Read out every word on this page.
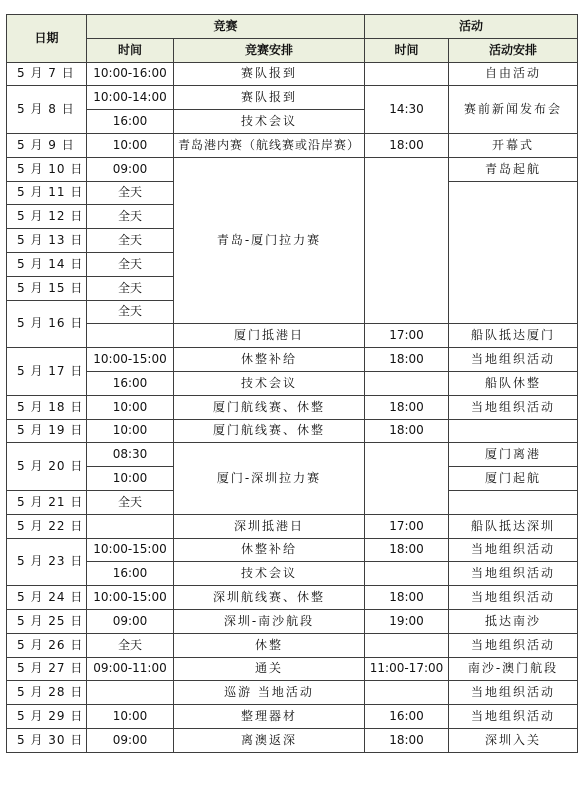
日期	竞赛		活动	
	时间	竞赛安排	时间	活动安排
5 月 7 日	10:00-16:00	赛队报到		自由活动
5 月 8 日	10:00-14:00	赛队报到	14:30	赛前新闻发布会
	16:00	技术会议		
5 月 9 日	10:00	青岛港内赛（航线赛或沿岸赛）	18:00	开幕式

5 月 10 日	09:00	青岛-厦门拉力赛		青岛起航
5 月 11 日	全天			
5 月 12 日	全天			
5 月 13 日	全天			
5 月 14 日	全天			
5 月 15 日	全天			
5 月 16 日	全天			
		厦门抵港日	17:00	船队抵达厦门
5 月 17 日	10:00-15:00	休整补给	18:00	当地组织活动
	16:00	技术会议		船队休整
5 月 18 日	10:00	厦门航线赛、休整	18:00	当地组织活动
5 月 19 日	10:00	厦门航线赛、休整	18:00	
5 月 20 日	08:30	厦门-深圳拉力赛		厦门离港
	10:00			厦门起航
5 月 21 日	全天			
5 月 22 日		深圳抵港日	17:00	船队抵达深圳
5 月 23 日	10:00-15:00	休整补给	18:00	当地组织活动
	16:00	技术会议		当地组织活动
5 月 24 日	10:00-15:00	深圳航线赛、休整	18:00	当地组织活动
5 月 25 日	09:00	深圳-南沙航段	19:00	抵达南沙
5 月 26 日	全天	休整		当地组织活动
5 月 27 日	09:00-11:00	通关	11:00-17:00	南沙-澳门航段
5 月 28 日		巡游 当地活动		当地组织活动
5 月 29 日	10:00	整理器材	16:00	当地组织活动
5 月 30 日	09:00	离澳返深	18:00	深圳入关
